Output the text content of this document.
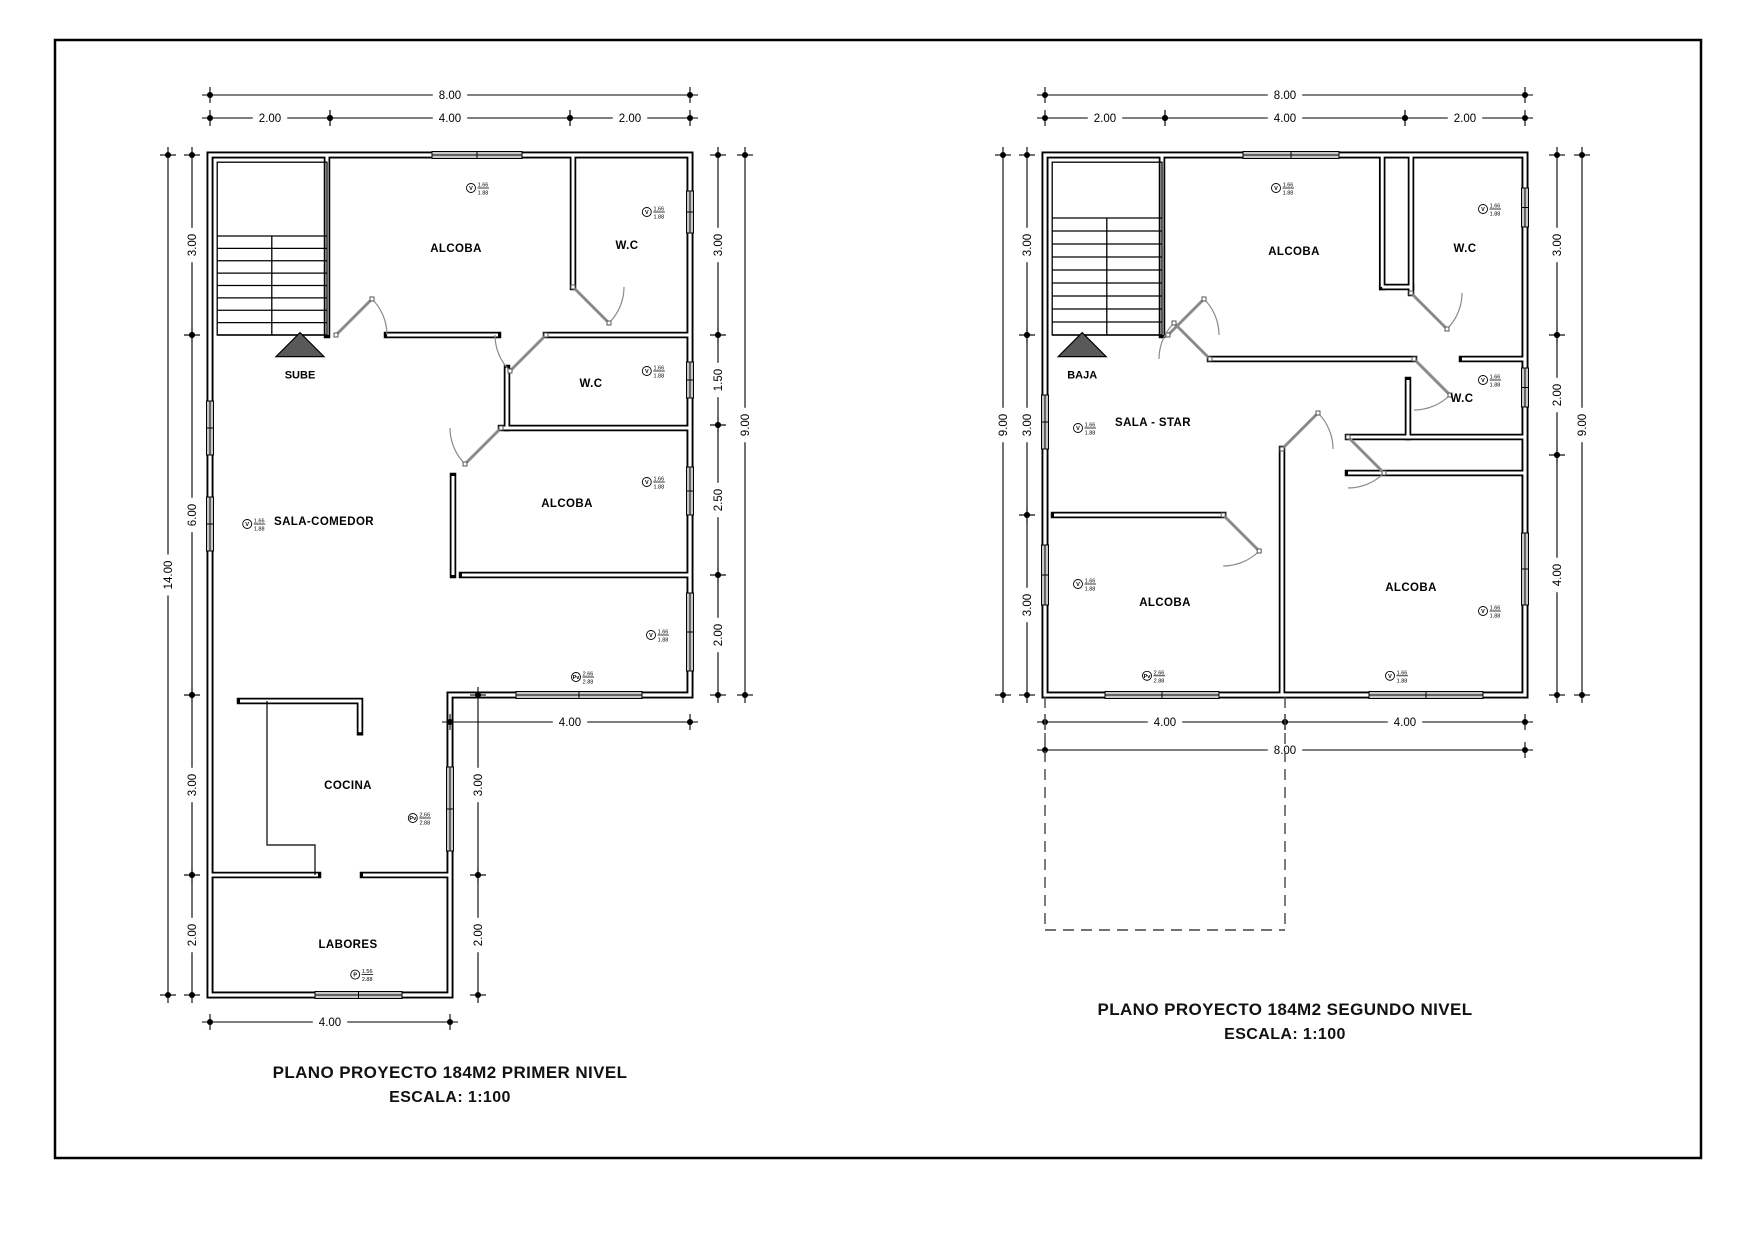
SUBE
ALCOBA	W.C
W.C
ALCOBA
SALA-COMEDOR
COCINA
LABORES
V
1.66
1.88
V
1.66
1.88
V
1.66
1.88
V
1.66
1.88
V
1.66
1.88
V
1.66
1.88
Pv
2.66
2.88
Pv
2.66
2.88
P
1.56
2.88
8.00
2.00	4.00	2.00
4.00
4.00
14.00
3.00
6.00
3.00
2.00
9.00
3.00
1.50
2.50
2.00
3.00
2.00
BAJA
ALCOBA	W.C
W.C
SALA - STAR
ALCOBA
ALCOBA
V
1.66
1.88
V
1.66
1.88
V
1.66
1.88
V
1.66
1.88
V
1.66
1.88
V
1.66
1.88
Pv
2.66
2.88
V
1.66
1.88
8.00
2.00	4.00	2.00
4.00	4.00
8.00
9.00
3.00
3.00
3.00
9.00
3.00
2.00
4.00
PLANO PROYECTO 184M2 PRIMER NIVEL
ESCALA: 1:100
PLANO PROYECTO 184M2 SEGUNDO NIVEL
ESCALA: 1:100
